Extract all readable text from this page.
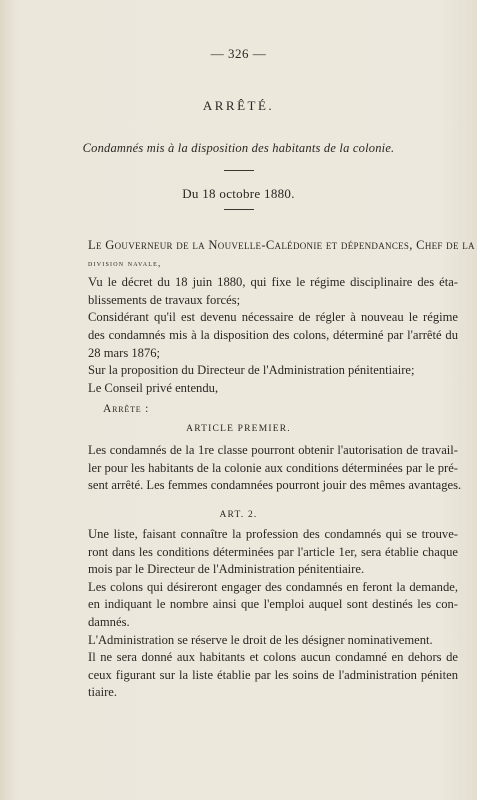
— 326 —
ARRÊTÉ.
Condamnés mis à la disposition des habitants de la colonie.
Du 18 octobre 1880.
Le Gouverneur de la Nouvelle-Calédonie et dépendances, Chef de la
division navale,
Vu le décret du 18 juin 1880, qui fixe le régime disciplinaire des éta-
blissements de travaux forcés;
Considérant qu'il est devenu nécessaire de régler à nouveau le régime
des condamnés mis à la disposition des colons, déterminé par l'arrêté du
28 mars 1876;
Sur la proposition du Directeur de l'Administration pénitentiaire;
Le Conseil privé entendu,
Arrête :
ARTICLE PREMIER.
Les condamnés de la 1re classe pourront obtenir l'autorisation de travail-
ler pour les habitants de la colonie aux conditions déterminées par le pré-
sent arrêté. Les femmes condamnées pourront jouir des mêmes avantages.
ART. 2.
Une liste, faisant connaître la profession des condamnés qui se trouve-
ront dans les conditions déterminées par l'article 1er, sera établie chaque
mois par le Directeur de l'Administration pénitentiaire.
Les colons qui désireront engager des condamnés en feront la demande,
en indiquant le nombre ainsi que l'emploi auquel sont destinés les con-
damnés.
L'Administration se réserve le droit de les désigner nominativement.
Il ne sera donné aux habitants et colons aucun condamné en dehors de
ceux figurant sur la liste établie par les soins de l'administration péniten
tiaire.
